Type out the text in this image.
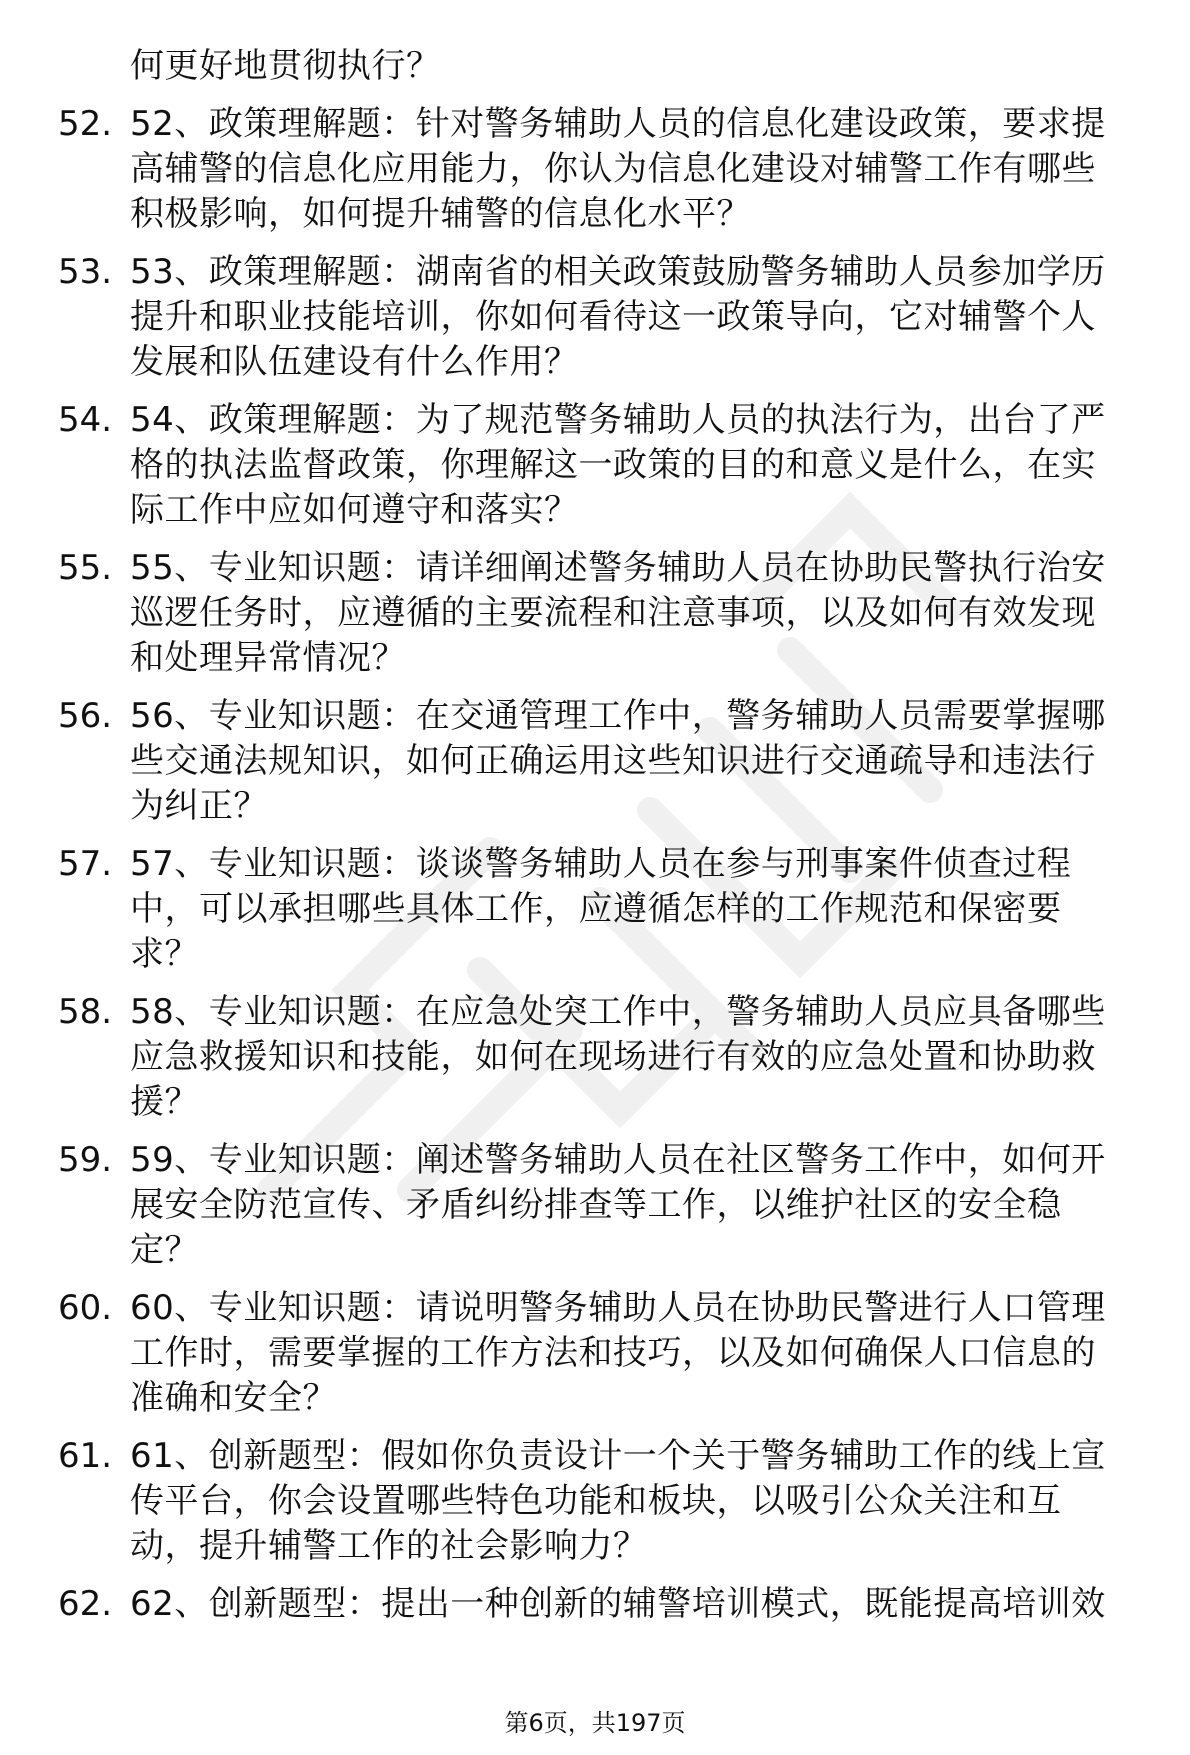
何更好地贯彻执行？
52. 52、政策理解题：针对警务辅助人员的信息化建设政策，要求提
高辅警的信息化应用能力，你认为信息化建设对辅警工作有哪些
积极影响，如何提升辅警的信息化水平？
53. 53、政策理解题：湖南省的相关政策鼓励警务辅助人员参加学历
提升和职业技能培训，你如何看待这一政策导向，它对辅警个人
发展和队伍建设有什么作用？
54. 54、政策理解题：为了规范警务辅助人员的执法行为，出台了严
格的执法监督政策，你理解这一政策的目的和意义是什么，在实
际工作中应如何遵守和落实？
55. 55、专业知识题：请详细阐述警务辅助人员在协助民警执行治安
巡逻任务时，应遵循的主要流程和注意事项，以及如何有效发现
和处理异常情况？
56. 56、专业知识题：在交通管理工作中，警务辅助人员需要掌握哪
些交通法规知识，如何正确运用这些知识进行交通疏导和违法行
为纠正？
57. 57、专业知识题：谈谈警务辅助人员在参与刑事案件侦查过程
中，可以承担哪些具体工作，应遵循怎样的工作规范和保密要
求？
58. 58、专业知识题：在应急处突工作中，警务辅助人员应具备哪些
应急救援知识和技能，如何在现场进行有效的应急处置和协助救
援？
59. 59、专业知识题：阐述警务辅助人员在社区警务工作中，如何开
展安全防范宣传、矛盾纠纷排查等工作，以维护社区的安全稳
定？
60. 60、专业知识题：请说明警务辅助人员在协助民警进行人口管理
工作时，需要掌握的工作方法和技巧，以及如何确保人口信息的
准确和安全？
61. 61、创新题型：假如你负责设计一个关于警务辅助工作的线上宣
传平台，你会设置哪些特色功能和板块，以吸引公众关注和互
动，提升辅警工作的社会影响力？
62. 62、创新题型：提出一种创新的辅警培训模式，既能提高培训效
第6页，共197页
